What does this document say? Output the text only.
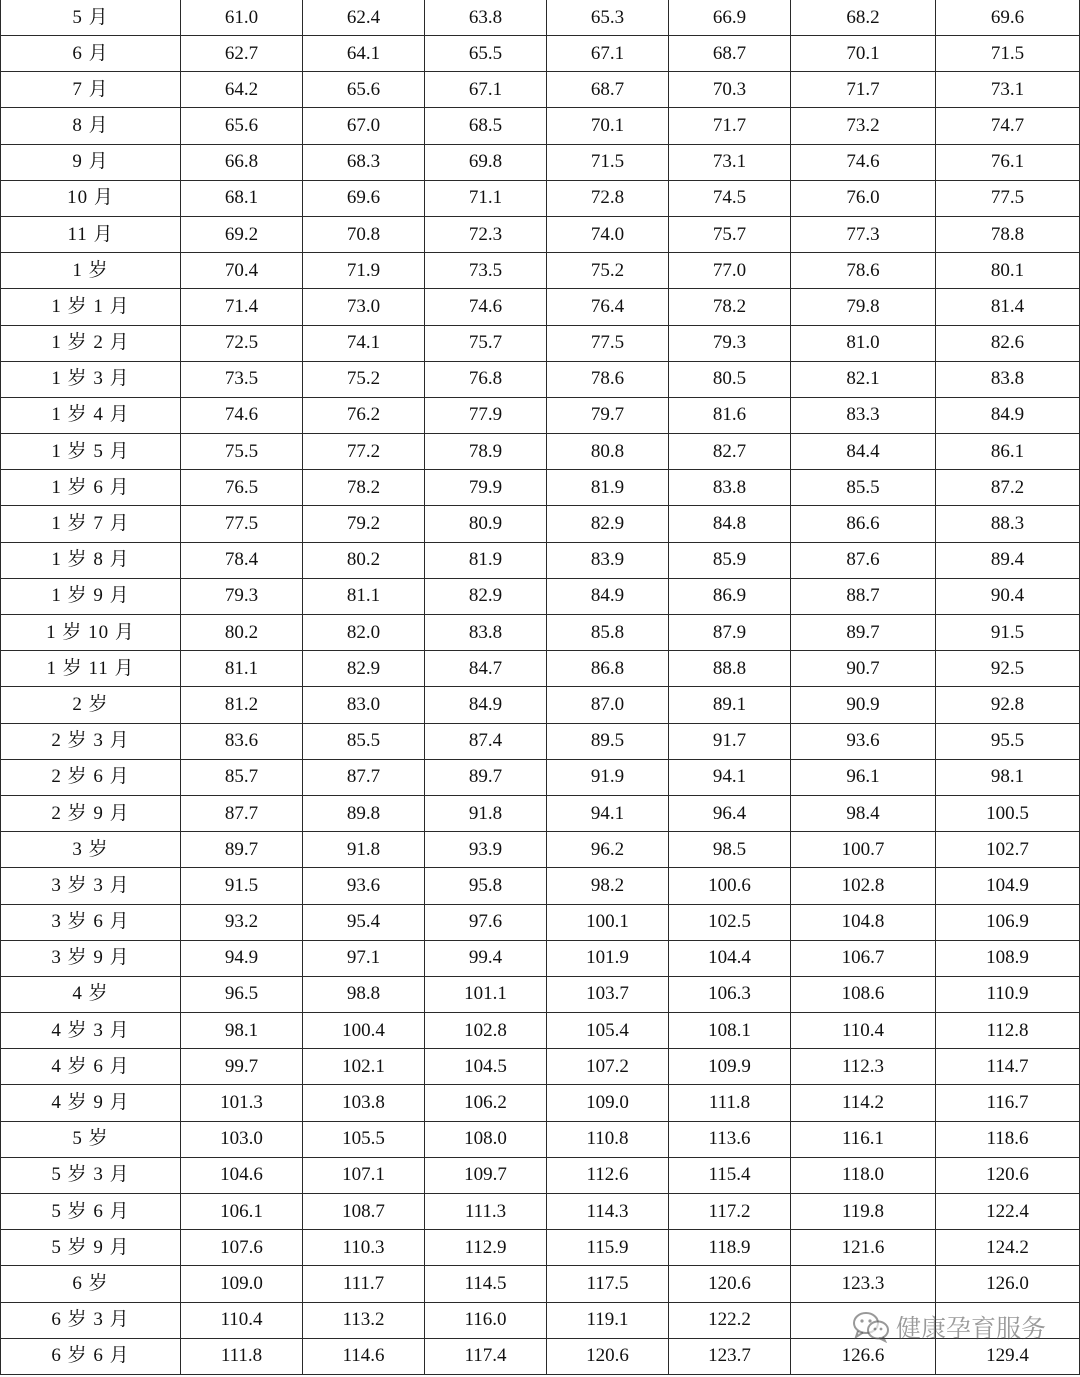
5 月	61.0	62.4	63.8	65.3	66.9	68.2	69.6
6 月	62.7	64.1	65.5	67.1	68.7	70.1	71.5
7 月	64.2	65.6	67.1	68.7	70.3	71.7	73.1
8 月	65.6	67.0	68.5	70.1	71.7	73.2	74.7
9 月	66.8	68.3	69.8	71.5	73.1	74.6	76.1
10 月	68.1	69.6	71.1	72.8	74.5	76.0	77.5
11 月	69.2	70.8	72.3	74.0	75.7	77.3	78.8
1 岁	70.4	71.9	73.5	75.2	77.0	78.6	80.1
1 岁 1 月	71.4	73.0	74.6	76.4	78.2	79.8	81.4
1 岁 2 月	72.5	74.1	75.7	77.5	79.3	81.0	82.6
1 岁 3 月	73.5	75.2	76.8	78.6	80.5	82.1	83.8
1 岁 4 月	74.6	76.2	77.9	79.7	81.6	83.3	84.9
1 岁 5 月	75.5	77.2	78.9	80.8	82.7	84.4	86.1
1 岁 6 月	76.5	78.2	79.9	81.9	83.8	85.5	87.2
1 岁 7 月	77.5	79.2	80.9	82.9	84.8	86.6	88.3
1 岁 8 月	78.4	80.2	81.9	83.9	85.9	87.6	89.4
1 岁 9 月	79.3	81.1	82.9	84.9	86.9	88.7	90.4
1 岁 10 月	80.2	82.0	83.8	85.8	87.9	89.7	91.5
1 岁 11 月	81.1	82.9	84.7	86.8	88.8	90.7	92.5
2 岁	81.2	83.0	84.9	87.0	89.1	90.9	92.8
2 岁 3 月	83.6	85.5	87.4	89.5	91.7	93.6	95.5
2 岁 6 月	85.7	87.7	89.7	91.9	94.1	96.1	98.1
2 岁 9 月	87.7	89.8	91.8	94.1	96.4	98.4	100.5
3 岁	89.7	91.8	93.9	96.2	98.5	100.7	102.7
3 岁 3 月	91.5	93.6	95.8	98.2	100.6	102.8	104.9
3 岁 6 月	93.2	95.4	97.6	100.1	102.5	104.8	106.9
3 岁 9 月	94.9	97.1	99.4	101.9	104.4	106.7	108.9
4 岁	96.5	98.8	101.1	103.7	106.3	108.6	110.9
4 岁 3 月	98.1	100.4	102.8	105.4	108.1	110.4	112.8
4 岁 6 月	99.7	102.1	104.5	107.2	109.9	112.3	114.7
4 岁 9 月	101.3	103.8	106.2	109.0	111.8	114.2	116.7
5 岁	103.0	105.5	108.0	110.8	113.6	116.1	118.6
5 岁 3 月	104.6	107.1	109.7	112.6	115.4	118.0	120.6
5 岁 6 月	106.1	108.7	111.3	114.3	117.2	119.8	122.4
5 岁 9 月	107.6	110.3	112.9	115.9	118.9	121.6	124.2
6 岁	109.0	111.7	114.5	117.5	120.6	123.3	126.0
6 岁 3 月	110.4	113.2	116.0	119.1	122.2		
6 岁 6 月	111.8	114.6	117.4	120.6	123.7	126.6	129.4
健康孕育服务
